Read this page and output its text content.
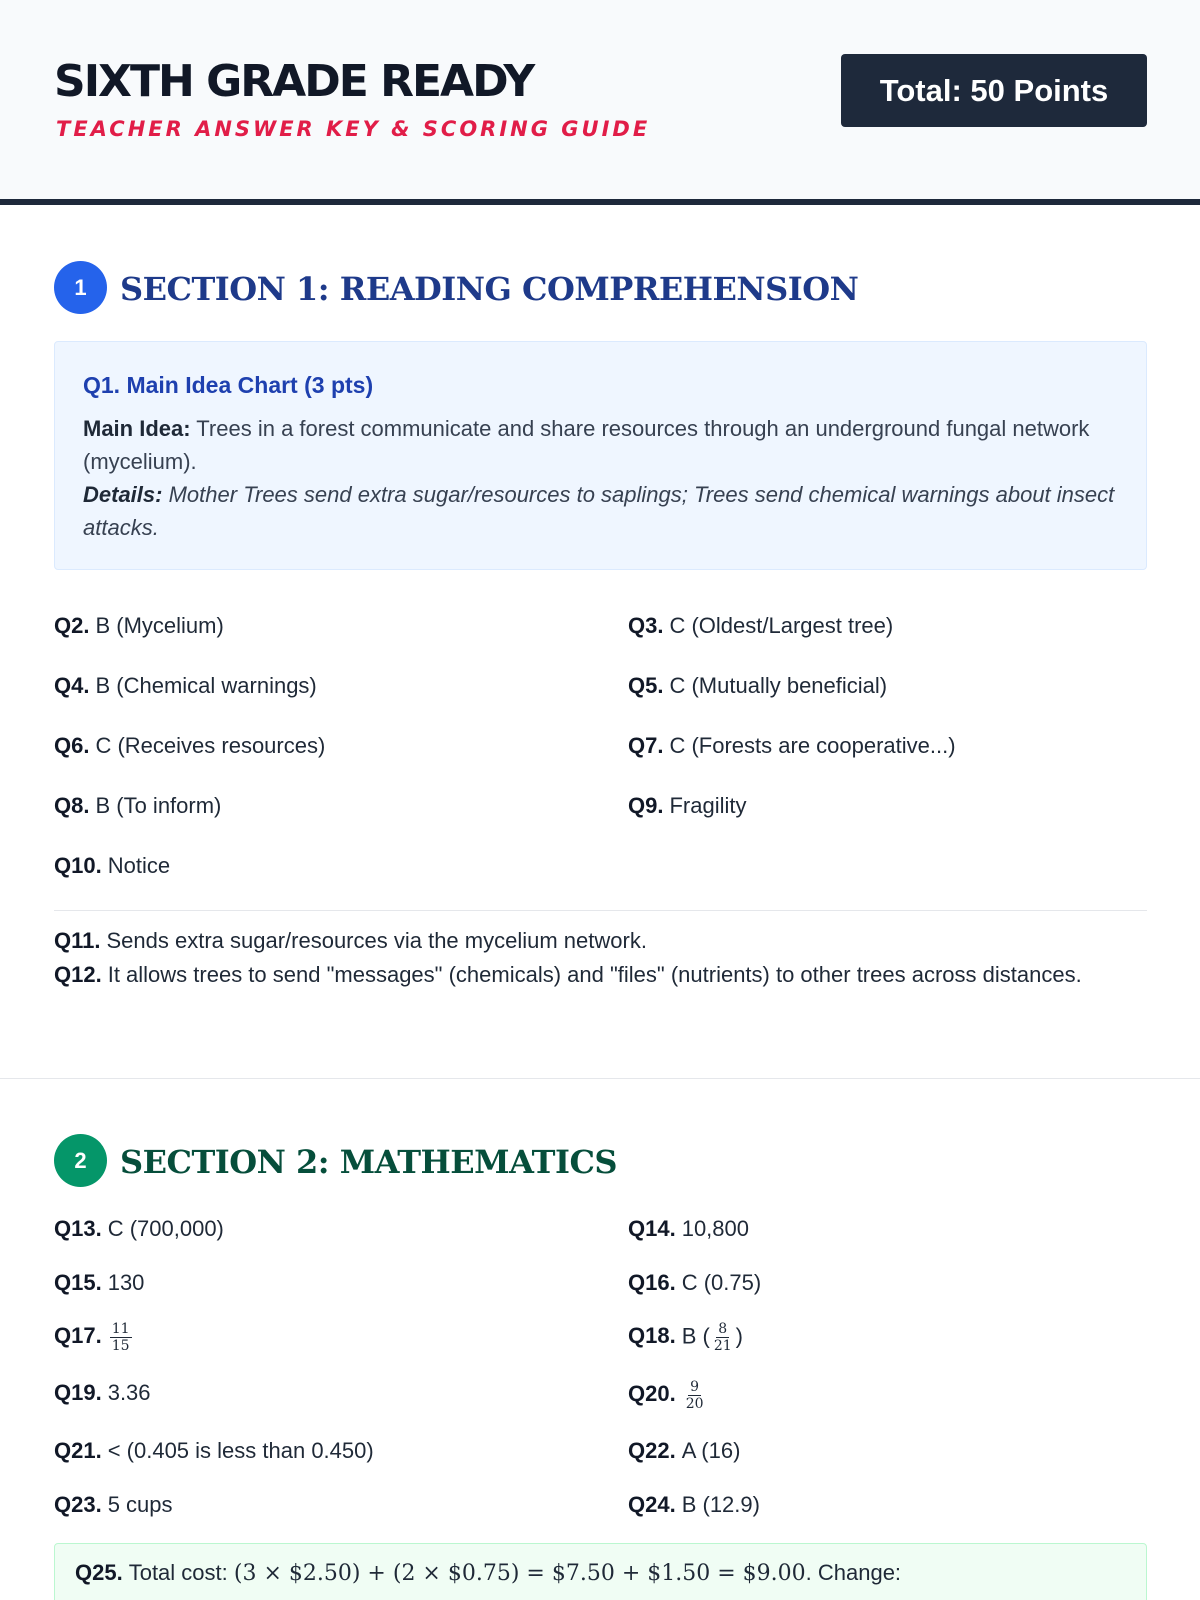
SIXTH GRADE READY
TEACHER ANSWER KEY & SCORING GUIDE
Total: 50 Points
1	SECTION 1: READING COMPREHENSION
Q1. Main Idea Chart (3 pts)
Main Idea: Trees in a forest communicate and share resources through an underground fungal network (mycelium).
Details: Mother Trees send extra sugar/resources to saplings; Trees send chemical warnings about insect attacks.
Q2. B (Mycelium)	Q3. C (Oldest/Largest tree)
Q4. B (Chemical warnings)	Q5. C (Mutually beneficial)
Q6. C (Receives resources)	Q7. C (Forests are cooperative...)
Q8. B (To inform)	Q9. Fragility
Q10. Notice
Q11. Sends extra sugar/resources via the mycelium network.
Q12. It allows trees to send "messages" (chemicals) and "files" (nutrients) to other trees across distances.
2	SECTION 2: MATHEMATICS
Q13. C (700,000)	Q14. 10,800
Q15. 130	Q16. C (0.75)
Q17. $\frac{11}{15}$	Q18. B ( $\frac{8}{21}$ )
Q19. 3.36	Q20. $\frac{9}{20}$
Q21. < (0.405 is less than 0.450)	Q22. A (16)
Q23. 5 cups	Q24. B (12.9)
Q25. Total cost: (3 × $2.50) + (2 × $0.75) = $7.50 + $1.50 = $9.00. Change:
